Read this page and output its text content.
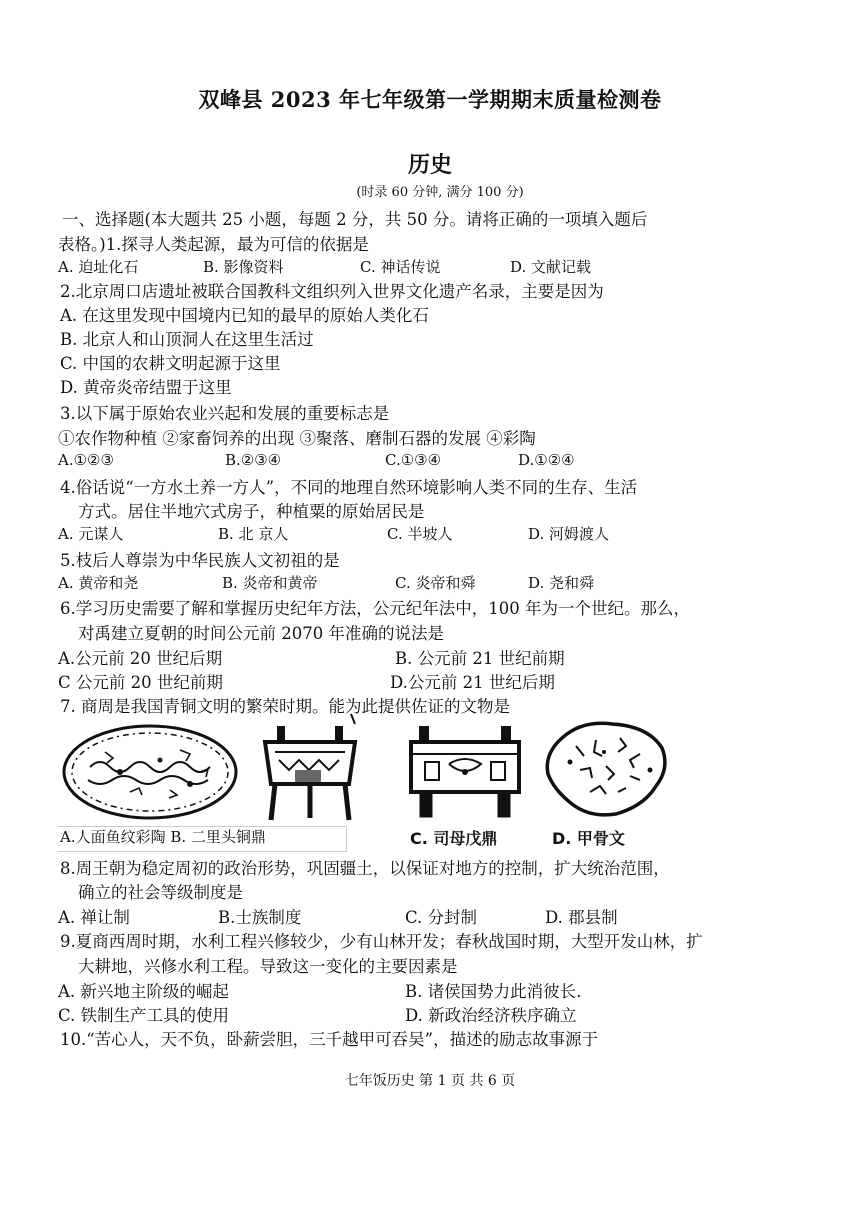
双峰县 2023 年七年级第一学期期末质量检测卷
历史
(时录 60 分钟, 满分 100 分)
一、选择题(本大题共 25 小题，每题 2 分，共 50 分。请将正确的一项填入题后
表格。)1.探寻人类起源，最为可信的依据是
A. 迫址化石	B. 影像资料	C. 神话传说	D. 文献记载
2.北京周口店遗址被联合国教科文组织列入世界文化遗产名录，主要是因为
A. 在这里发现中国境内已知的最早的原始人类化石
B. 北京人和山顶洞人在这里生活过
C. 中国的农耕文明起源于这里
D. 黄帝炎帝结盟于这里
3.以下属于原始农业兴起和发展的重要标志是
①农作物种植 ②家畜饲养的出现 ③聚落、磨制石器的发展 ④彩陶
A.①②③	B.②③④	C.①③④	D.①②④
4.俗话说“一方水土养一方人”，不同的地理自然环境影响人类不同的生存、生活
方式。居住半地穴式房子，种植粟的原始居民是
A. 元谋人	B. 北 京人	C. 半坡人	D. 河姆渡人
5.枝后人尊崇为中华民族人文初祖的是
A. 黄帝和尧	B. 炎帝和黄帝	C. 炎帝和舜	D. 尧和舜
6.学习历史需要了解和掌握历史纪年方法，公元纪年法中，100 年为一个世纪。那么，
对禹建立夏朝的时间公元前 2070 年准确的说法是
A.公元前 20 世纪后期	B. 公元前 21 世纪前期
C 公元前 20 世纪前期	D.公元前 21 世纪后期
7. 商周是我国青铜文明的繁荣时期。能为此提供佐证的文物是
A.人面鱼纹彩陶 B. 二里头铜鼎	C. 司母戊鼎	D. 甲骨文
8.周王朝为稳定周初的政治形势，巩固疆土，以保证对地方的控制，扩大统治范围，
确立的社会等级制度是
A. 禅让制	B.士族制度	C. 分封制	D. 郡县制
9.夏商西周时期，水利工程兴修较少，少有山林开发；春秋战国时期，大型开发山林，扩
大耕地，兴修水利工程。导致这一变化的主要因素是
A. 新兴地主阶级的崛起	B. 诸侯国势力此消彼长.
C. 铁制生产工具的使用	D. 新政治经济秩序确立
10.“苦心人，天不负，卧薪尝胆，三千越甲可吞吴”，描述的励志故事源于
七年饭历史 第 1 页 共 6 页
